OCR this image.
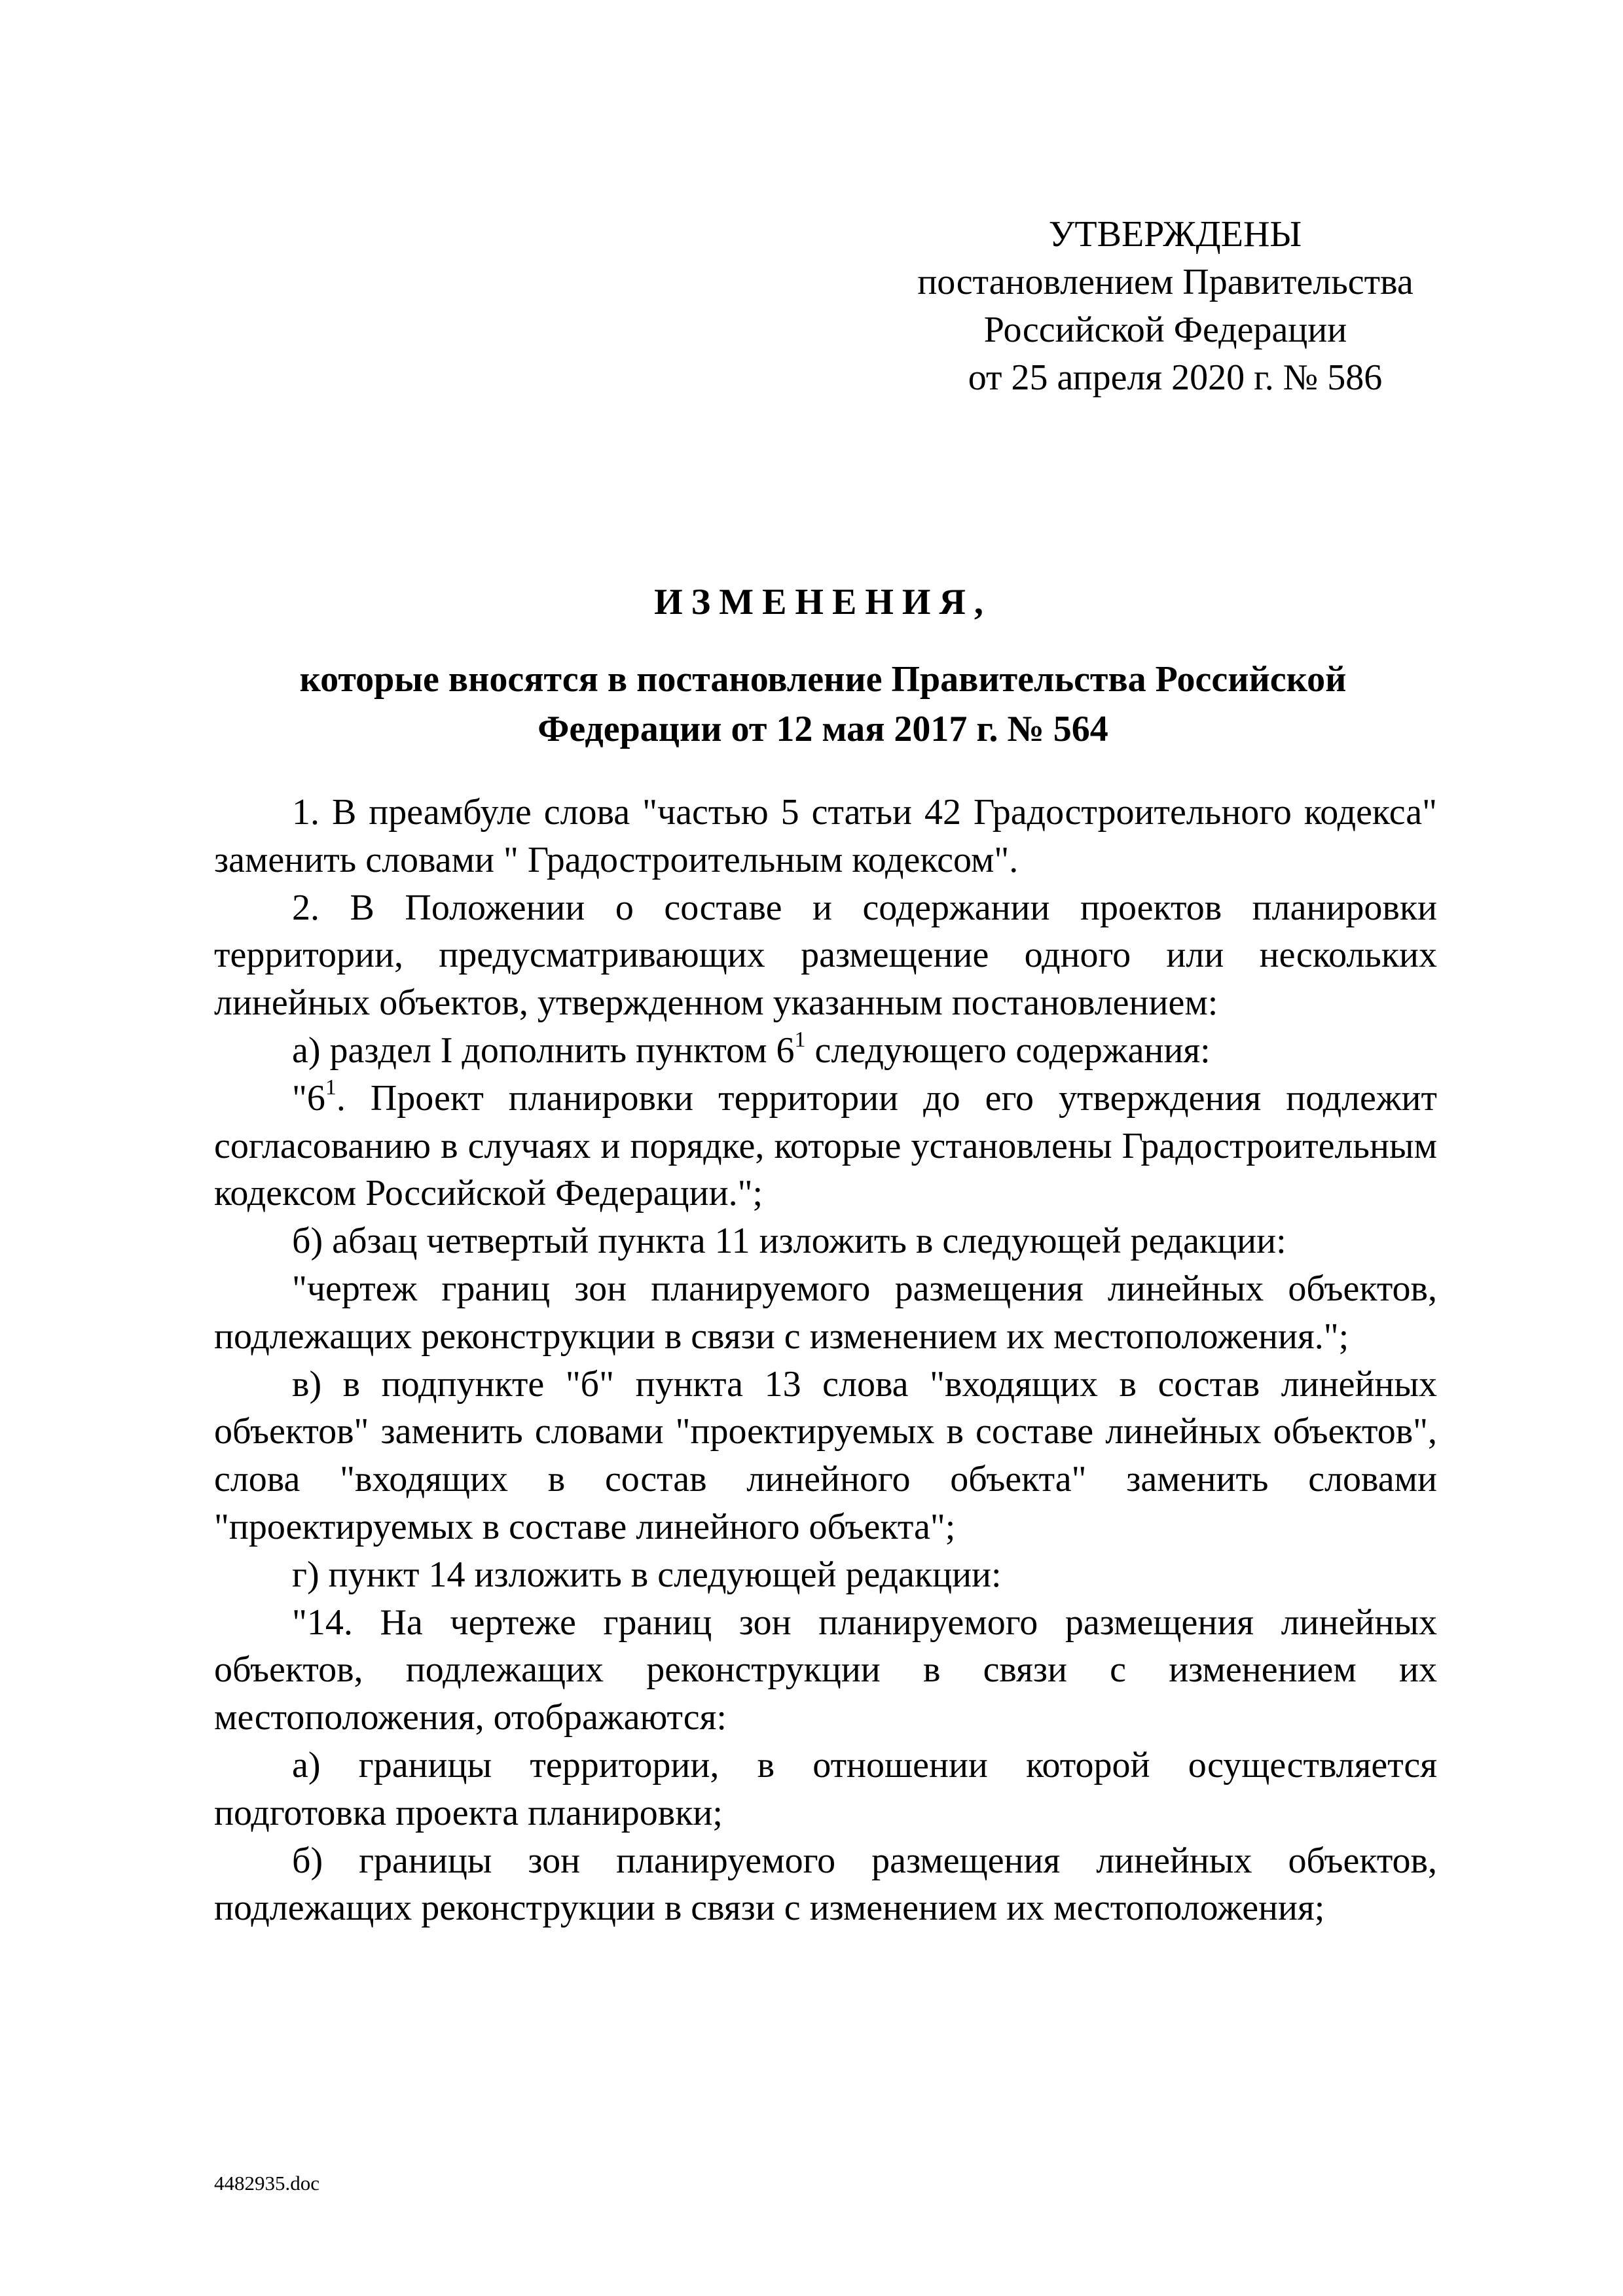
УТВЕРЖДЕНЫ
постановлением Правительства
Российской Федерации
от 25 апреля 2020 г. № 586
ИЗМЕНЕНИЯ,
которые вносятся в постановление Правительства Российской
Федерации от 12 мая 2017 г. № 564

1. В преамбуле слова "частью 5 статьи 42 Градостроительного кодекса" заменить словами " Градостроительным кодексом".

2. В Положении о составе и содержании проектов планировки территории, предусматривающих размещение одного или нескольких линейных объектов, утвержденном указанным постановлением:

а) раздел I дополнить пунктом $6^1$ следующего содержания:

"$6^1$. Проект планировки территории до его утверждения подлежит согласованию в случаях и порядке, которые установлены Градостроительным кодексом Российской Федерации.";

б) абзац четвертый пункта 11 изложить в следующей редакции:

"чертеж границ зон планируемого размещения линейных объектов, подлежащих реконструкции в связи с изменением их местоположения.";

в) в подпункте "б" пункта 13 слова "входящих в состав линейных объектов" заменить словами "проектируемых в составе линейных объектов", слова "входящих в состав линейного объекта" заменить словами "проектируемых в составе линейного объекта";

г) пункт 14 изложить в следующей редакции:

"14. На чертеже границ зон планируемого размещения линейных объектов, подлежащих реконструкции в связи с изменением их местоположения, отображаются:

а) границы территории, в отношении которой осуществляется подготовка проекта планировки;

б) границы зон планируемого размещения линейных объектов, подлежащих реконструкции в связи с изменением их местоположения;

4482935.doc
